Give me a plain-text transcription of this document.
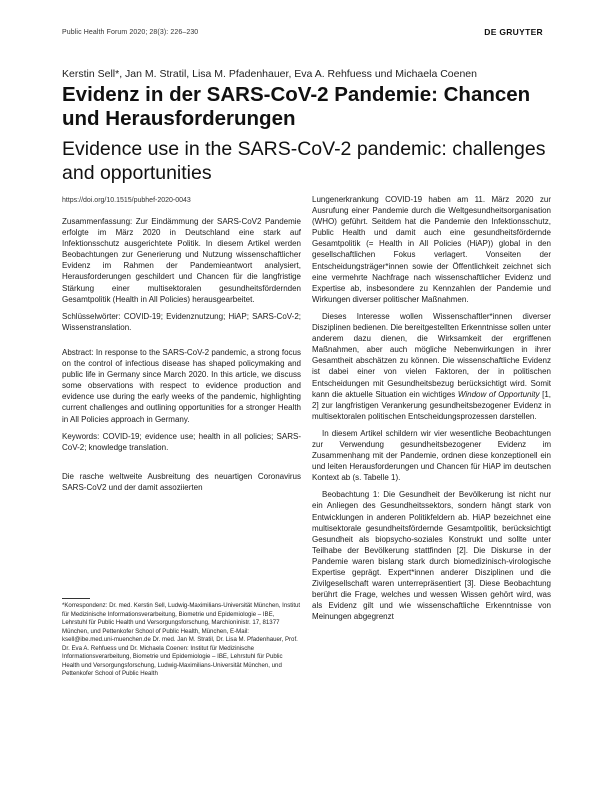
Public Health Forum 2020; 28(3): 226–230	DE GRUYTER
Kerstin Sell*, Jan M. Stratil, Lisa M. Pfadenhauer, Eva A. Rehfuess und Michaela Coenen
Evidenz in der SARS-CoV-2 Pandemie: Chancen und Herausforderungen
Evidence use in the SARS-CoV-2 pandemic: challenges and opportunities
https://doi.org/10.1515/pubhef-2020-0043

Zusammenfassung: Zur Eindämmung der SARS-CoV2 Pandemie erfolgte im März 2020 in Deutschland eine stark auf Infektionsschutz ausgerichtete Politik. In diesem Artikel werden Beobachtungen zur Generierung und Nutzung wissenschaftlicher Evidenz im Rahmen der Pandemieantwort analysiert, Herausforderungen geschildert und Chancen für die langfristige Stärkung einer multisektoralen gesundheitsfördernden Gesamtpolitik (Health in All Policies) herausgearbeitet.

Schlüsselwörter: COVID-19; Evidenznutzung; HiAP; SARS-CoV-2; Wissenstranslation.

Abstract: In response to the SARS-CoV-2 pandemic, a strong focus on the control of infectious disease has shaped policymaking and public life in Germany since March 2020. In this article, we discuss some observations with respect to evidence production and evidence use during the early weeks of the pandemic, highlighting current challenges and outlining opportunities for a stronger Health in All Policies approach in Germany.

Keywords: COVID-19; evidence use; health in all policies; SARS-CoV-2; knowledge translation.

Die rasche weltweite Ausbreitung des neuartigen Coronavirus SARS-CoV2 und der damit assoziierten

*Korrespondenz: Dr. med. Kerstin Sell, Ludwig-Maximilians-Universität München, Institut für Medizinische Informationsverarbeitung, Biometrie und Epidemiologie – IBE, Lehrstuhl für Public Health und Versorgungsforschung, Marchioninistr. 17, 81377 München, und Pettenkofer School of Public Health, München, E-Mail: ksell@ibe.med.uni-muenchen.de Dr. med. Jan M. Stratil, Dr. Lisa M. Pfadenhauer, Prof. Dr. Eva A. Rehfuess und Dr. Michaela Coenen: Institut für Medizinische Informationsverarbeitung, Biometrie und Epidemiologie – IBE, Lehrstuhl für Public Health und Versorgungsforschung, Ludwig-Maximilians-Universität München, und Pettenkofer School of Public Health

Lungenerkrankung COVID-19 haben am 11. März 2020 zur Ausrufung einer Pandemie durch die Weltgesundheitsorganisation (WHO) geführt. Seitdem hat die Pandemie den Infektionsschutz, Public Health und damit auch eine gesundheitsfördernde Gesamtpolitik (= Health in All Policies (HiAP)) global in den gesellschaftlichen Fokus verlagert. Vonseiten der Entscheidungsträger*innen sowie der Öffentlichkeit zeichnet sich eine vermehrte Nachfrage nach wissenschaftlicher Evidenz und Expertise ab, insbesondere zu Kennzahlen der Pandemie und Wirkungen diverser politischer Maßnahmen.

Dieses Interesse wollen Wissenschaftler*innen diverser Disziplinen bedienen. Die bereitgestellten Erkenntnisse sollen unter anderem dazu dienen, die Wirksamkeit der ergriffenen Maßnahmen, aber auch mögliche Nebenwirkungen in ihrer Gesamtheit abschätzen zu können. Die wissenschaftliche Evidenz ist dabei einer von vielen Faktoren, der in politischen Entscheidungen mit Gesundheitsbezug berücksichtigt wird. Somit kann die aktuelle Situation ein wichtiges Window of Opportunity [1, 2] zur langfristigen Verankerung gesundheitsbezogener Evidenz in multisektoralen politischen Entscheidungsprozessen darstellen.

In diesem Artikel schildern wir vier wesentliche Beobachtungen zur Verwendung gesundheitsbezogener Evidenz im Zusammenhang mit der Pandemie, ordnen diese konzeptionell ein und leiten Herausforderungen und Chancen für HiAP im deutschen Kontext ab (s. Tabelle 1).

Beobachtung 1: Die Gesundheit der Bevölkerung ist nicht nur ein Anliegen des Gesundheitssektors, sondern hängt stark von Entwicklungen in anderen Politikfeldern ab. HiAP bezeichnet eine multisektorale gesundheitsfördernde Gesamtpolitik, berücksichtigt Gesundheit als biopsycho-soziales Konstrukt und sollte unter Teilhabe der Bevölkerung stattfinden [2]. Die Diskurse in der Pandemie waren bislang stark durch biomedizinisch-virologische Expertise geprägt. Expert*innen anderer Disziplinen und die Zivilgesellschaft waren unterrepräsentiert [3]. Diese Beobachtung berührt die Frage, welches und wessen Wissen gehört wird, was als Evidenz gilt und wie wissenschaftliche Erkenntnisse von Meinungen abgegrenzt
